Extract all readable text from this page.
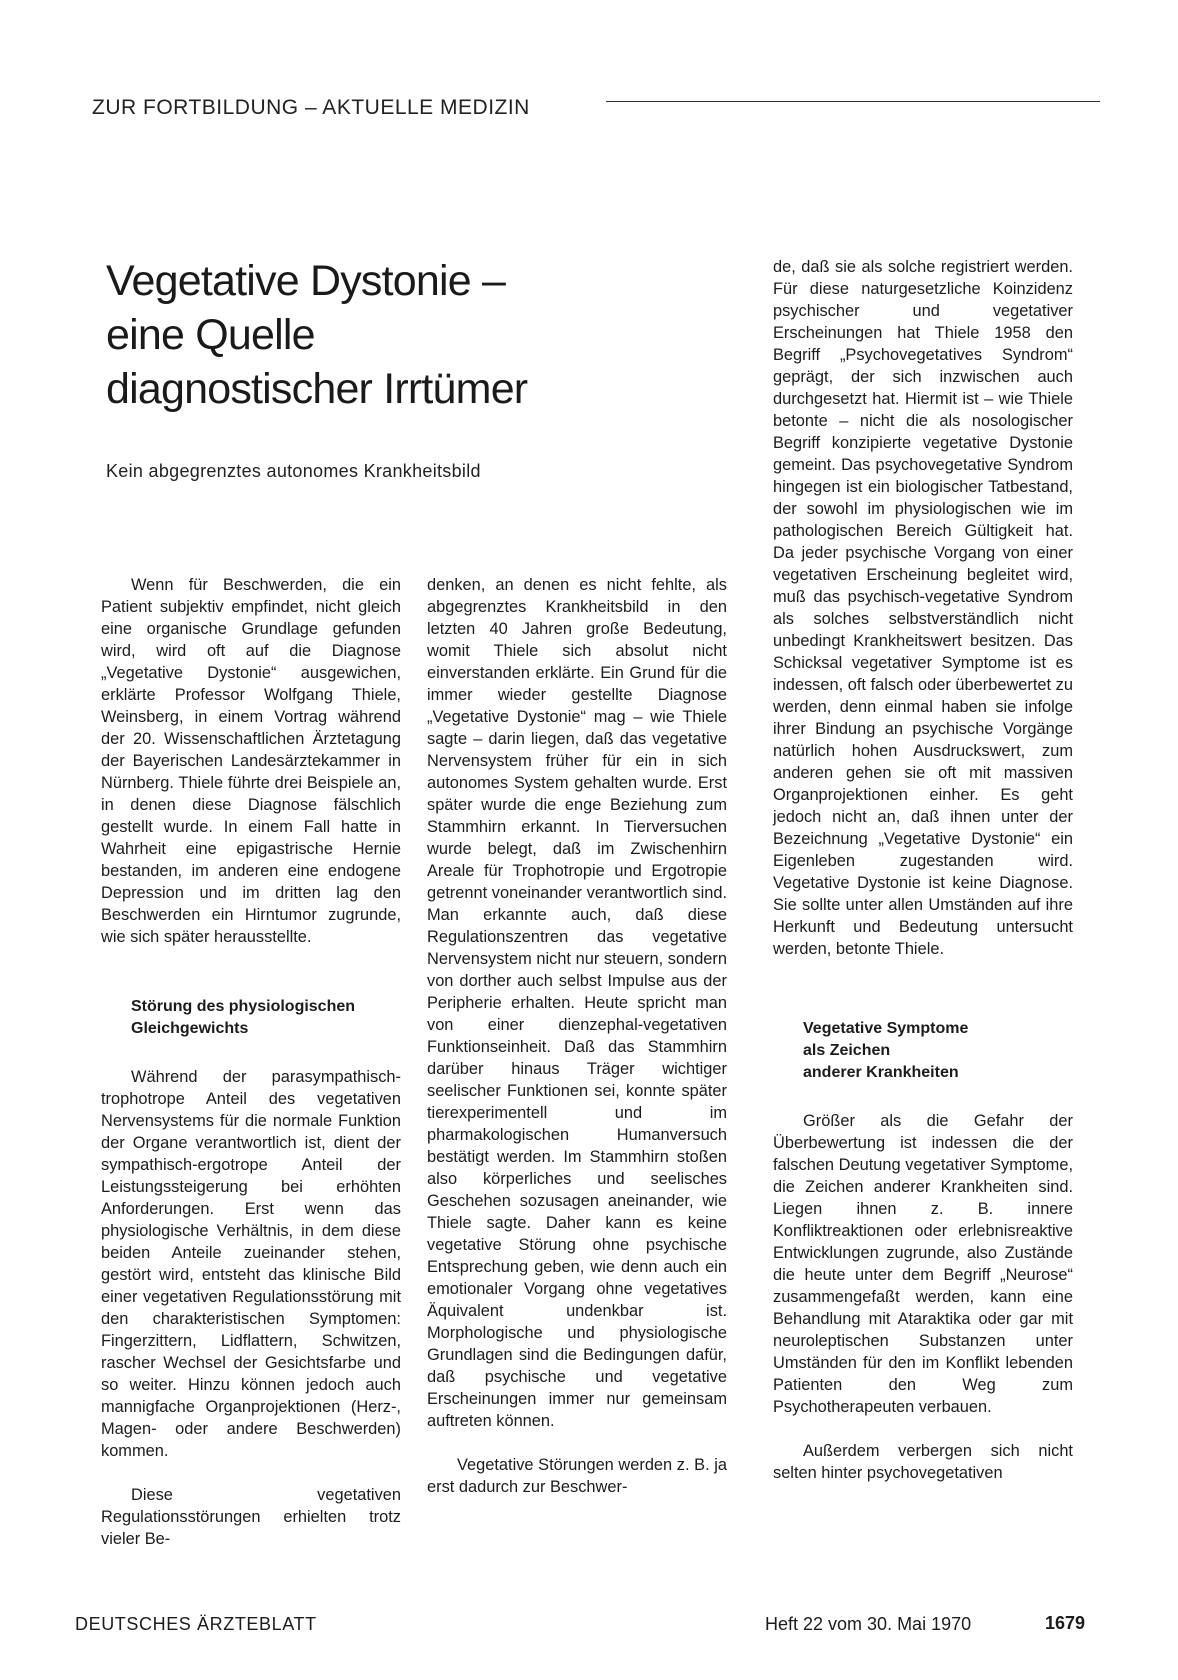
ZUR FORTBILDUNG – AKTUELLE MEDIZIN
Vegetative Dystonie –
eine Quelle
diagnostischer Irrtümer
Kein abgegrenztes autonomes Krankheitsbild

Wenn für Beschwerden, die ein Patient subjektiv empfindet, nicht gleich eine organische Grundlage gefunden wird, wird oft auf die Diagnose „Vegetative Dystonie“ ausgewichen, erklärte Professor Wolfgang Thiele, Weinsberg, in einem Vortrag während der 20. Wissenschaftlichen Ärztetagung der Bayerischen Landesärztekammer in Nürnberg. Thiele führte drei Beispiele an, in denen diese Diagnose fälschlich gestellt wurde. In einem Fall hatte in Wahrheit eine epigastrische Hernie bestanden, im anderen eine endogene Depression und im dritten lag den Beschwerden ein Hirntumor zugrunde, wie sich später herausstellte.

Störung des physiologischen
Gleichgewichts

Während der parasympathisch-trophotrope Anteil des vegetativen Nervensystems für die normale Funktion der Organe verantwortlich ist, dient der sympathisch-ergotrope Anteil der Leistungssteigerung bei erhöhten Anforderungen. Erst wenn das physiologische Verhältnis, in dem diese beiden Anteile zueinander stehen, gestört wird, entsteht das klinische Bild einer vegetativen Regulationsstörung mit den charakteristischen Symptomen: Fingerzittern, Lidflattern, Schwitzen, rascher Wechsel der Gesichtsfarbe und so weiter. Hinzu können jedoch auch mannigfache Organprojektionen (Herz-, Magen- oder andere Beschwerden) kommen.

Diese vegetativen Regulationsstörungen erhielten trotz vieler Be-

denken, an denen es nicht fehlte, als abgegrenztes Krankheitsbild in den letzten 40 Jahren große Bedeutung, womit Thiele sich absolut nicht einverstanden erklärte. Ein Grund für die immer wieder gestellte Diagnose „Vegetative Dystonie“ mag – wie Thiele sagte – darin liegen, daß das vegetative Nervensystem früher für ein in sich autonomes System gehalten wurde. Erst später wurde die enge Beziehung zum Stammhirn erkannt. In Tierversuchen wurde belegt, daß im Zwischenhirn Areale für Trophotropie und Ergotropie getrennt voneinander verantwortlich sind. Man erkannte auch, daß diese Regulationszentren das vegetative Nervensystem nicht nur steuern, sondern von dorther auch selbst Impulse aus der Peripherie erhalten. Heute spricht man von einer dienzephal-vegetativen Funktionseinheit. Daß das Stammhirn darüber hinaus Träger wichtiger seelischer Funktionen sei, konnte später tierexperimentell und im pharmakologischen Humanversuch bestätigt werden. Im Stammhirn stoßen also körperliches und seelisches Geschehen sozusagen aneinander, wie Thiele sagte. Daher kann es keine vegetative Störung ohne psychische Entsprechung geben, wie denn auch ein emotionaler Vorgang ohne vegetatives Äquivalent undenkbar ist. Morphologische und physiologische Grundlagen sind die Bedingungen dafür, daß psychische und vegetative Erscheinungen immer nur gemeinsam auftreten können.

Vegetative Störungen werden z. B. ja erst dadurch zur Beschwer-

de, daß sie als solche registriert werden. Für diese naturgesetzliche Koinzidenz psychischer und vegetativer Erscheinungen hat Thiele 1958 den Begriff „Psychovegetatives Syndrom“ geprägt, der sich inzwischen auch durchgesetzt hat. Hiermit ist – wie Thiele betonte – nicht die als nosologischer Begriff konzipierte vegetative Dystonie gemeint. Das psychovegetative Syndrom hingegen ist ein biologischer Tatbestand, der sowohl im physiologischen wie im pathologischen Bereich Gültigkeit hat. Da jeder psychische Vorgang von einer vegetativen Erscheinung begleitet wird, muß das psychisch-vegetative Syndrom als solches selbstverständlich nicht unbedingt Krankheitswert besitzen. Das Schicksal vegetativer Symptome ist es indessen, oft falsch oder überbewertet zu werden, denn einmal haben sie infolge ihrer Bindung an psychische Vorgänge natürlich hohen Ausdruckswert, zum anderen gehen sie oft mit massiven Organprojektionen einher. Es geht jedoch nicht an, daß ihnen unter der Bezeichnung „Vegetative Dystonie“ ein Eigenleben zugestanden wird. Vegetative Dystonie ist keine Diagnose. Sie sollte unter allen Umständen auf ihre Herkunft und Bedeutung untersucht werden, betonte Thiele.

Vegetative Symptome
als Zeichen
anderer Krankheiten

Größer als die Gefahr der Überbewertung ist indessen die der falschen Deutung vegetativer Symptome, die Zeichen anderer Krankheiten sind. Liegen ihnen z. B. innere Konfliktreaktionen oder erlebnisreaktive Entwicklungen zugrunde, also Zustände die heute unter dem Begriff „Neurose“ zusammengefaßt werden, kann eine Behandlung mit Ataraktika oder gar mit neuroleptischen Substanzen unter Umständen für den im Konflikt lebenden Patienten den Weg zum Psychotherapeuten verbauen.

Außerdem verbergen sich nicht selten hinter psychovegetativen

DEUTSCHES ÄRZTEBLATT	Heft 22 vom 30. Mai 1970	1679
